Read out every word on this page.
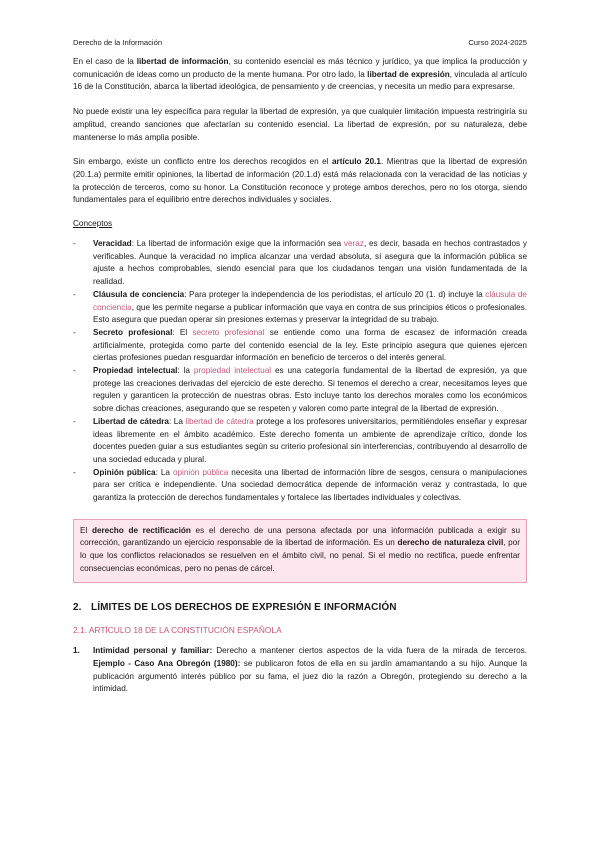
Derecho de la Información	Curso 2024-2025

En el caso de la libertad de información, su contenido esencial es más técnico y jurídico, ya que implica la producción y comunicación de ideas como un producto de la mente humana. Por otro lado, la libertad de expresión, vinculada al artículo 16 de la Constitución, abarca la libertad ideológica, de pensamiento y de creencias, y necesita un medio para expresarse.

No puede existir una ley específica para regular la libertad de expresión, ya que cualquier limitación impuesta restringiría su amplitud, creando sanciones que afectarían su contenido esencial. La libertad de expresión, por su naturaleza, debe mantenerse lo más amplia posible.

Sin embargo, existe un conflicto entre los derechos recogidos en el artículo 20.1. Mientras que la libertad de expresión (20.1.a) permite emitir opiniones, la libertad de información (20.1.d) está más relacionada con la veracidad de las noticias y la protección de terceros, como su honor. La Constitución reconoce y protege ambos derechos, pero no los otorga, siendo fundamentales para el equilibrio entre derechos individuales y sociales.

Conceptos
- Veracidad: La libertad de información exige que la información sea veraz, es decir, basada en hechos contrastados y verificables. Aunque la veracidad no implica alcanzar una verdad absoluta, sí asegura que la información pública se ajuste a hechos comprobables, siendo esencial para que los ciudadanos tengan una visión fundamentada de la realidad.
- Cláusula de conciencia: Para proteger la independencia de los periodistas, el artículo 20 (1. d) incluye la cláusula de conciencia, que les permite negarse a publicar información que vaya en contra de sus principios éticos o profesionales. Esto asegura que puedan operar sin presiones externas y preservar la integridad de su trabajo.
- Secreto profesional: El secreto profesional se entiende como una forma de escasez de información creada artificialmente, protegida como parte del contenido esencial de la ley. Este principio asegura que quienes ejercen ciertas profesiones puedan resguardar información en beneficio de terceros o del interés general.
- Propiedad intelectual: la propiedad intelectual es una categoría fundamental de la libertad de expresión, ya que protege las creaciones derivadas del ejercicio de este derecho. Si tenemos el derecho a crear, necesitamos leyes que regulen y garanticen la protección de nuestras obras. Esto incluye tanto los derechos morales como los económicos sobre dichas creaciones, asegurando que se respeten y valoren como parte integral de la libertad de expresión.
- Libertad de cátedra: La libertad de cátedra protege a los profesores universitarios, permitiéndoles enseñar y expresar ideas libremente en el ámbito académico. Este derecho fomenta un ambiente de aprendizaje crítico, donde los docentes pueden guiar a sus estudiantes según su criterio profesional sin interferencias, contribuyendo al desarrollo de una sociedad educada y plural.
- Opinión pública: La opinión pública necesita una libertad de información libre de sesgos, censura o manipulaciones para ser crítica e independiente. Una sociedad democrática depende de información veraz y contrastada, lo que garantiza la protección de derechos fundamentales y fortalece las libertades individuales y colectivas.

El derecho de rectificación es el derecho de una persona afectada por una información publicada a exigir su corrección, garantizando un ejercicio responsable de la libertad de información. Es un derecho de naturaleza civil, por lo que los conflictos relacionados se resuelven en el ámbito civil, no penal. Si el medio no rectifica, puede enfrentar consecuencias económicas, pero no penas de cárcel.

2. LÍMITES DE LOS DERECHOS DE EXPRESIÓN E INFORMACIÓN
2.1. ARTÍCULO 18 DE LA CONSTITUCIÓN ESPAÑOLA
1. Intimidad personal y familiar: Derecho a mantener ciertos aspectos de la vida fuera de la mirada de terceros. Ejemplo - Caso Ana Obregón (1980): se publicaron fotos de ella en su jardín amamantando a su hijo. Aunque la publicación argumentó interés público por su fama, el juez dio la razón a Obregón, protegiendo su derecho a la intimidad.
